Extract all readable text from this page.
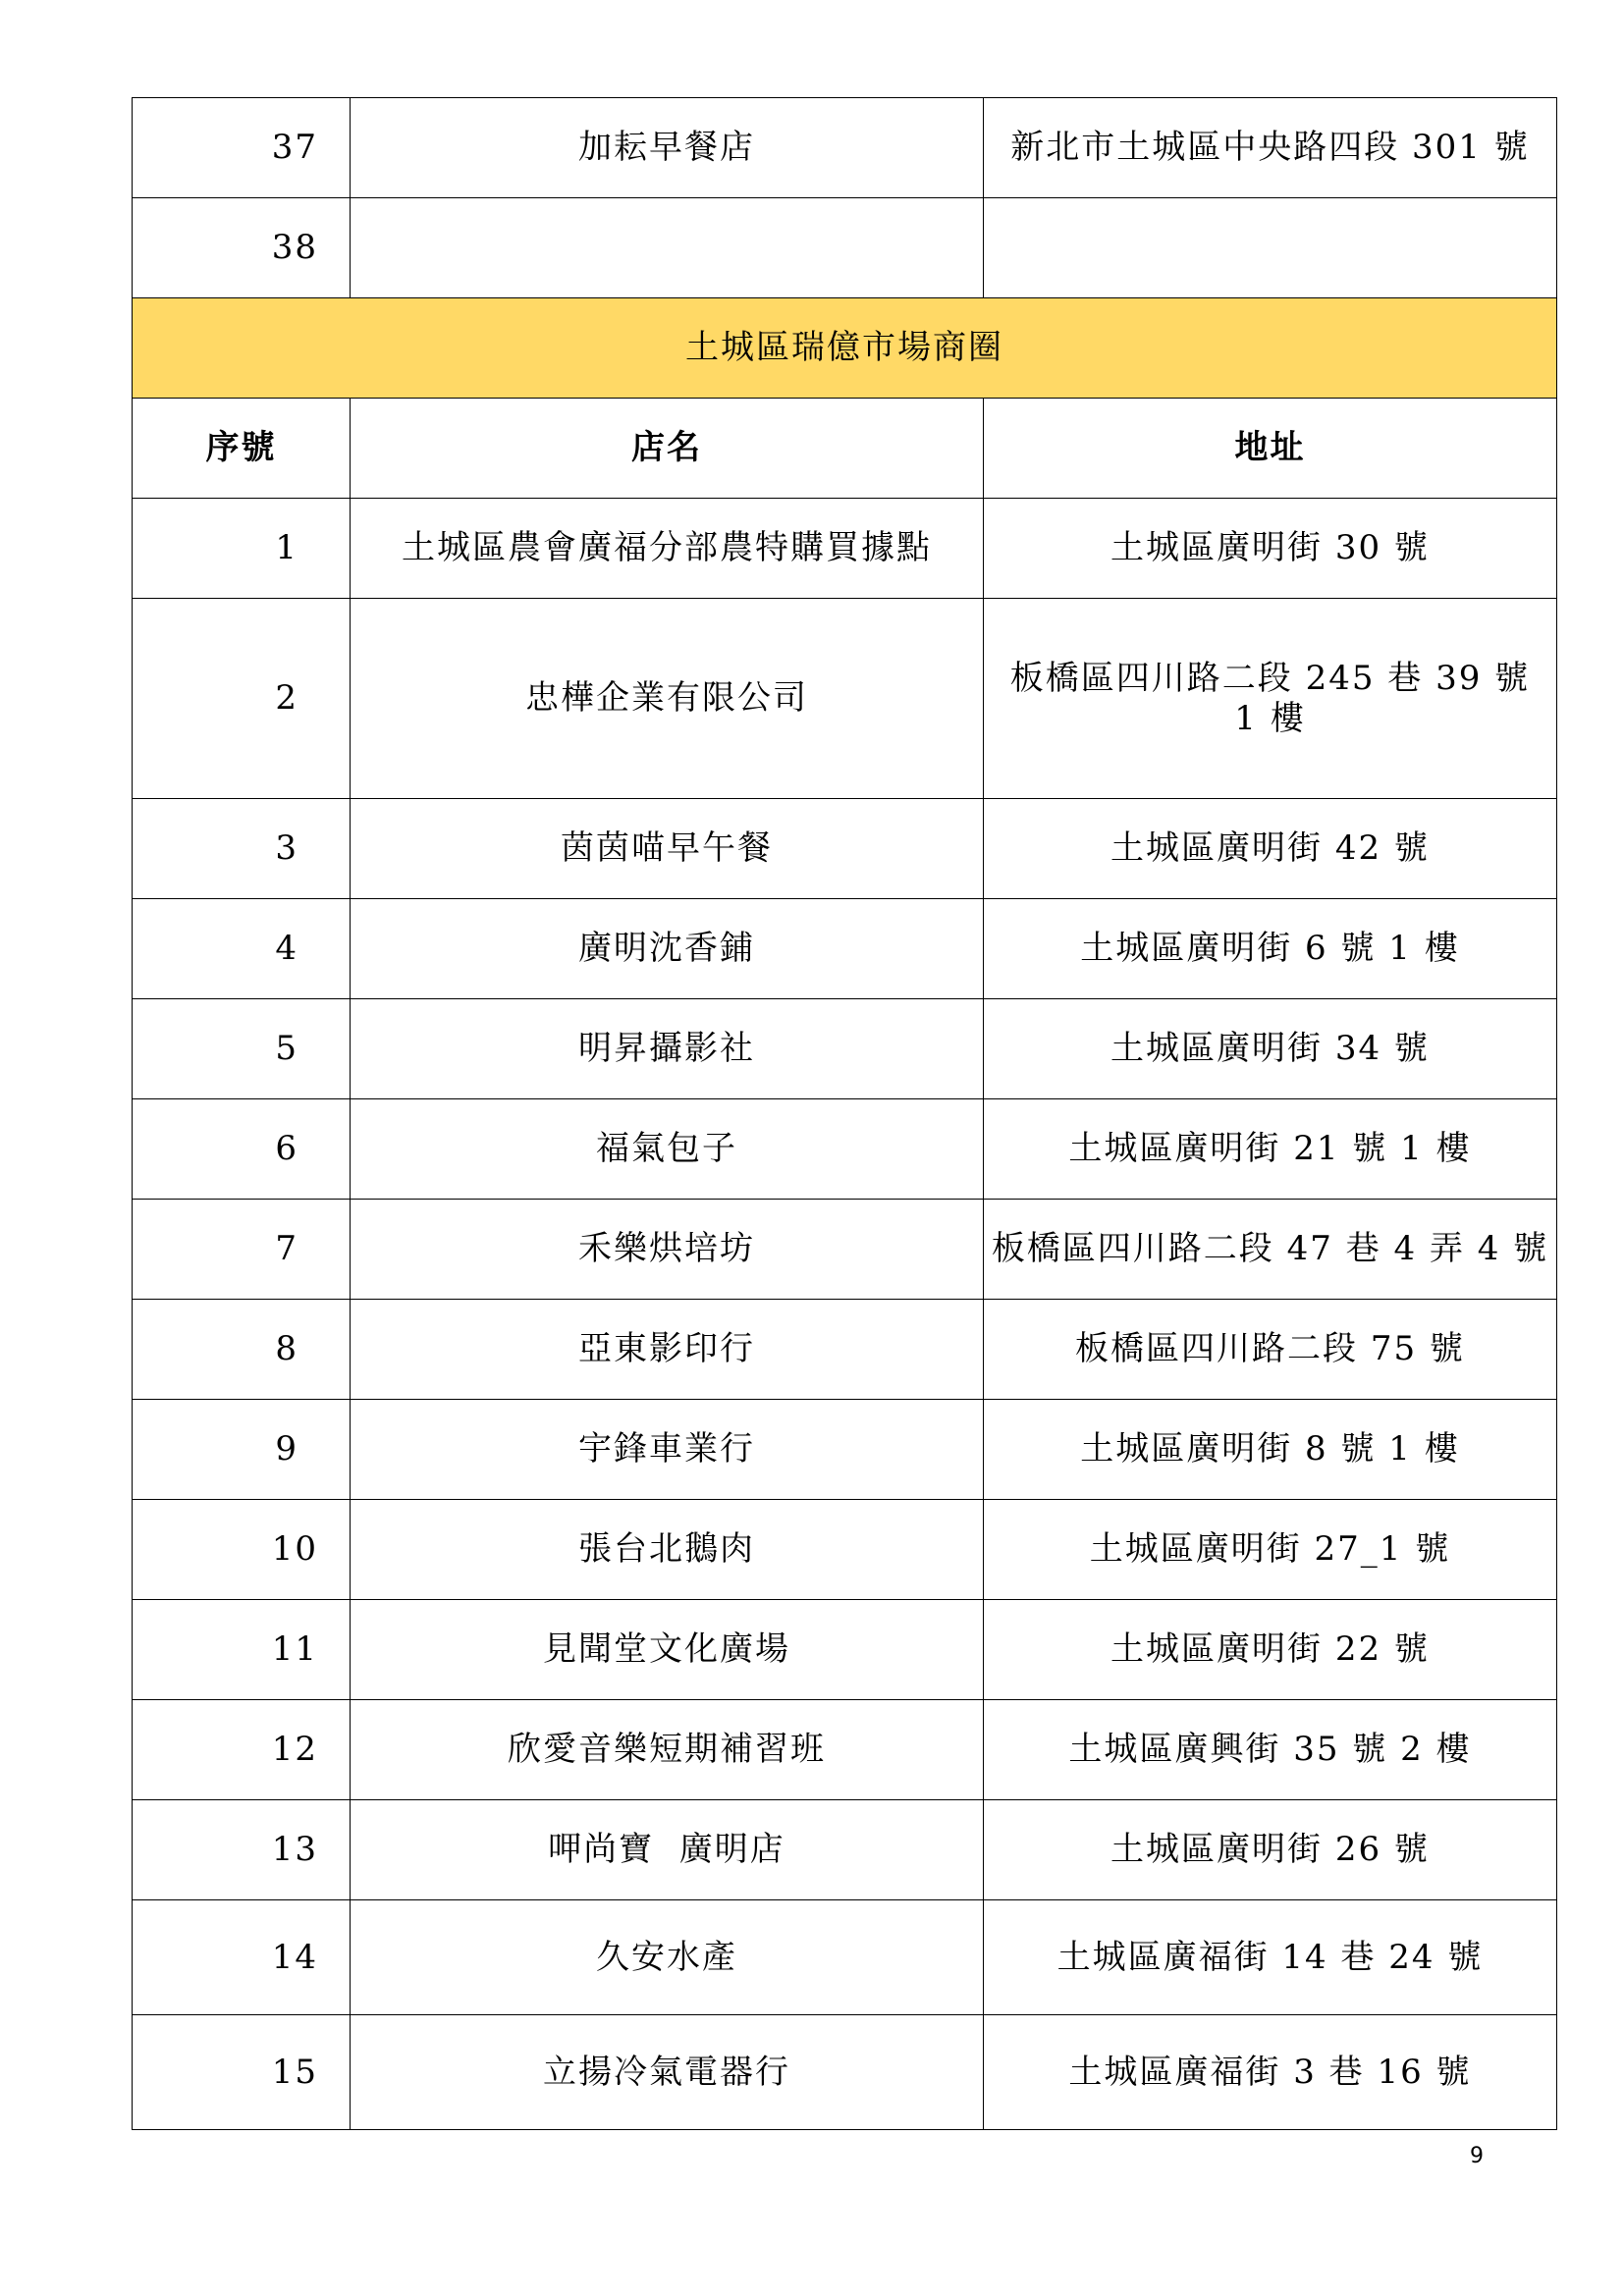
37	加耘早餐店	新北市土城區中央路四段 301 號
38		
土城區瑞億市場商圈		
序號	店名	地址
1	土城區農會廣福分部農特購買據點	土城區廣明街 30 號
2	忠樺企業有限公司	板橋區四川路二段 245 巷 39 號 1 樓
3	茵茵喵早午餐	土城區廣明街 42 號
4	廣明沈香鋪	土城區廣明街 6 號 1 樓
5	明昇攝影社	土城區廣明街 34 號
6	福氣包子	土城區廣明街 21 號 1 樓
7	禾樂烘培坊	板橋區四川路二段 47 巷 4 弄 4 號
8	亞東影印行	板橋區四川路二段 75 號
9	宇鋒車業行	土城區廣明街 8 號 1 樓
10	張台北鵝肉	土城區廣明街 27_1 號
11	見聞堂文化廣場	土城區廣明街 22 號
12	欣愛音樂短期補習班	土城區廣興街 35 號 2 樓
13	呷尚寶  廣明店	土城區廣明街 26 號
14	久安水產	土城區廣福街 14 巷 24 號
15	立揚冷氣電器行	土城區廣福街 3 巷 16 號
9
